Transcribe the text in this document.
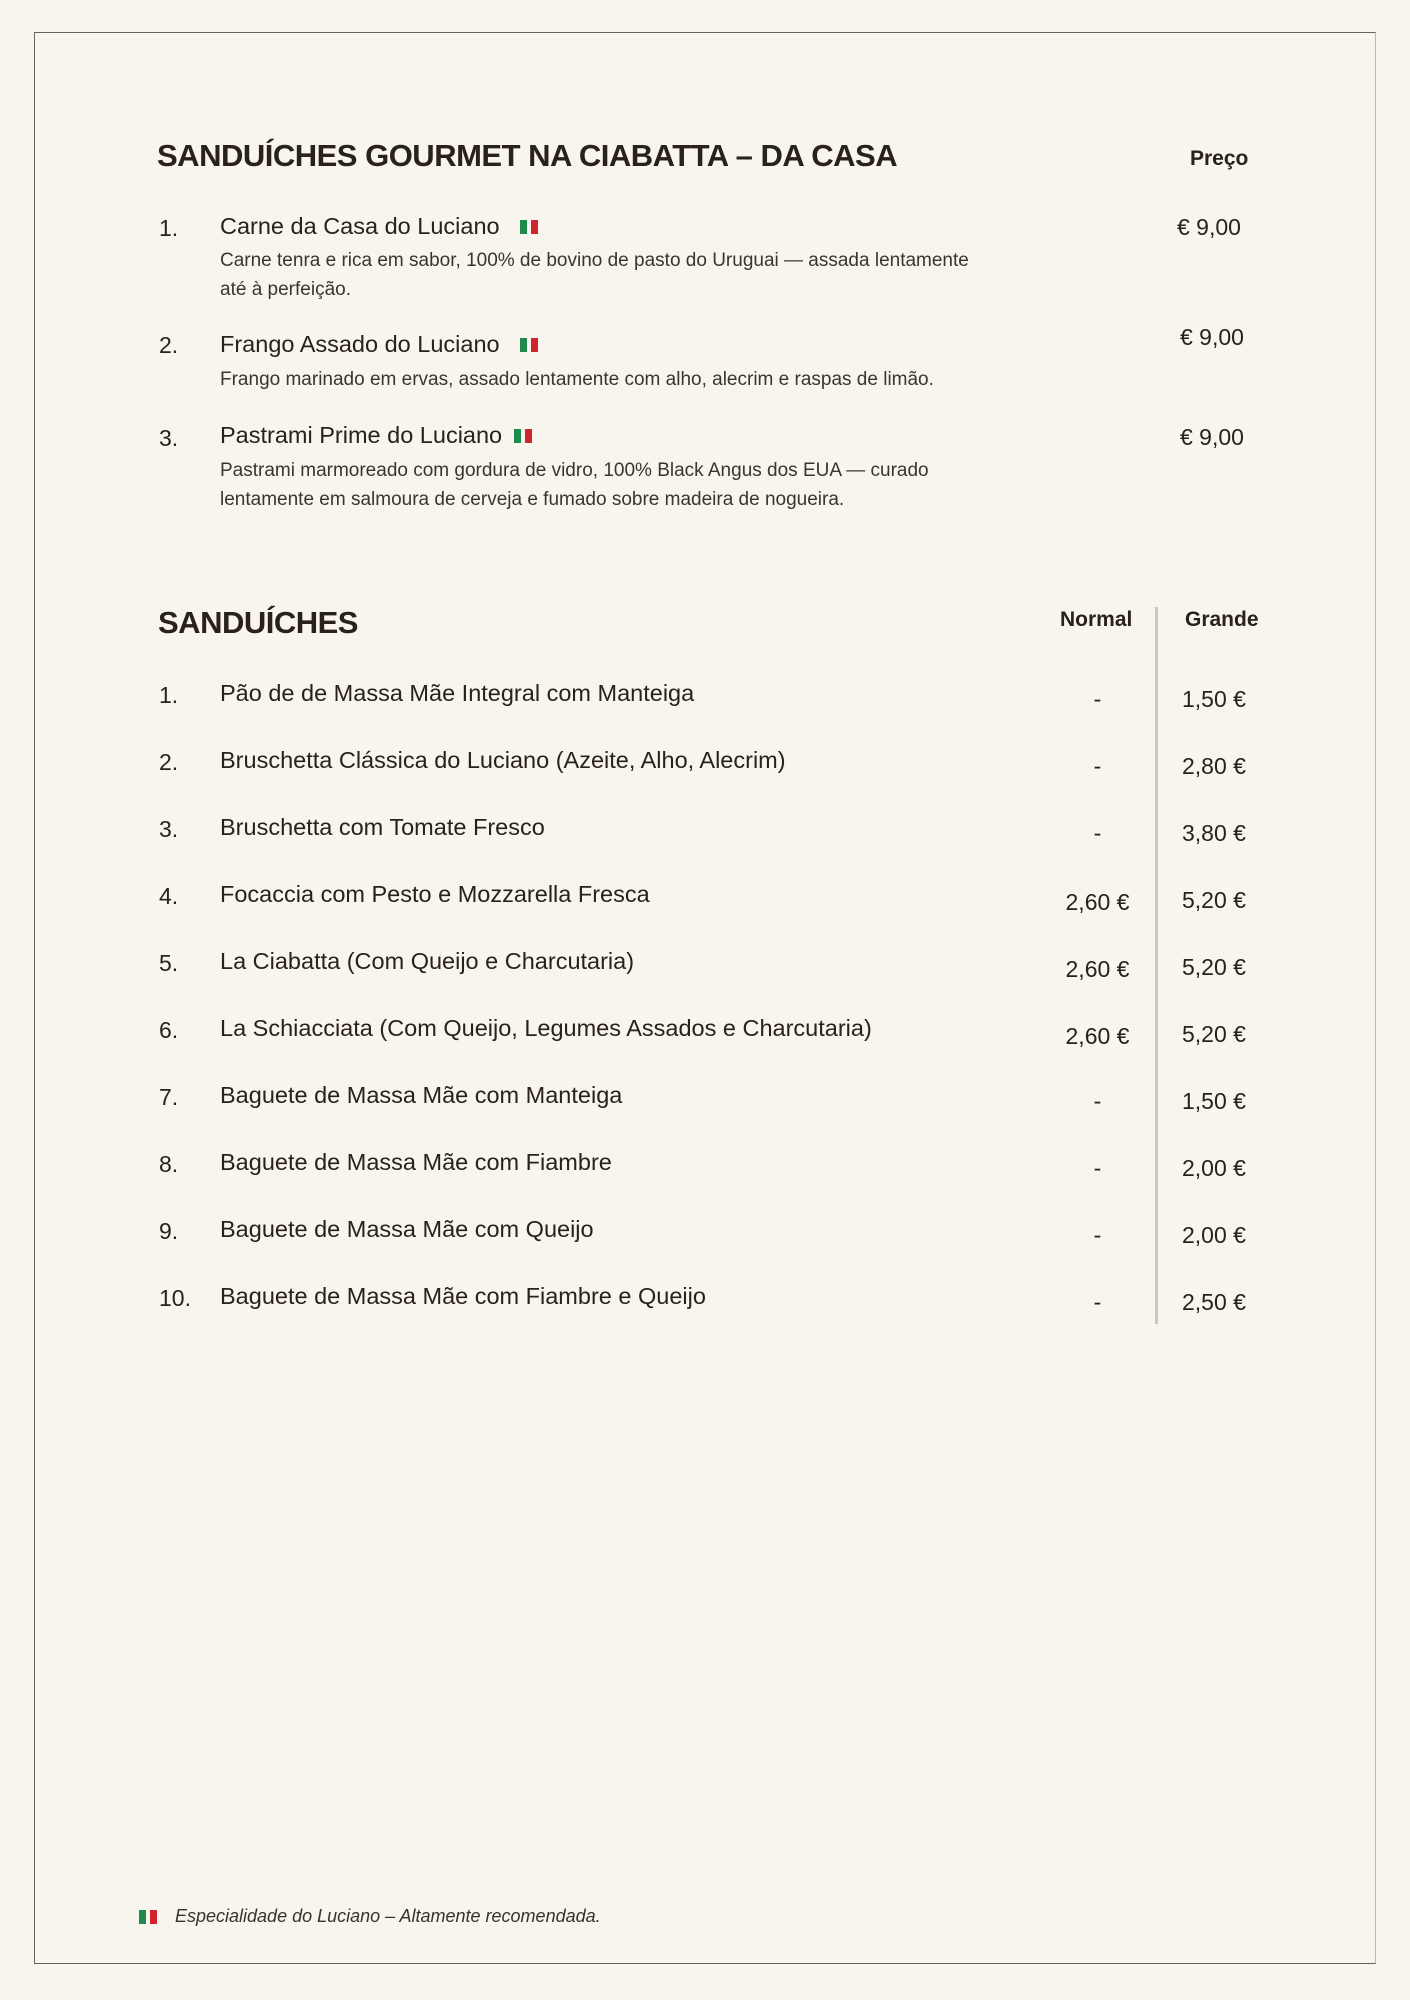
SANDUÍCHES GOURMET NA CIABATTA – DA CASA	Preço
1. Carne da Casa do Luciano
Carne tenra e rica em sabor, 100% de bovino de pasto do Uruguai — assada lentamente
até à perfeição.
€ 9,00
2. Frango Assado do Luciano
Frango marinado em ervas, assado lentamente com alho, alecrim e raspas de limão.
€ 9,00
3. Pastrami Prime do Luciano
Pastrami marmoreado com gordura de vidro, 100% Black Angus dos EUA — curado
lentamente em salmoura de cerveja e fumado sobre madeira de nogueira.
€ 9,00
SANDUÍCHES	Normal	Grande
1. Pão de de Massa Mãe Integral com Manteiga	-	1,50 €
2. Bruschetta Clássica do Luciano (Azeite, Alho, Alecrim)	-	2,80 €
3. Bruschetta com Tomate Fresco	-	3,80 €
4. Focaccia com Pesto e Mozzarella Fresca	2,60 €	5,20 €
5. La Ciabatta (Com Queijo e Charcutaria)	2,60 €	5,20 €
6. La Schiacciata (Com Queijo, Legumes Assados e Charcutaria)	2,60 €	5,20 €
7. Baguete de Massa Mãe com Manteiga	-	1,50 €
8. Baguete de Massa Mãe com Fiambre	-	2,00 €
9. Baguete de Massa Mãe com Queijo	-	2,00 €
10. Baguete de Massa Mãe com Fiambre e Queijo	-	2,50 €
Especialidade do Luciano – Altamente recomendada.
